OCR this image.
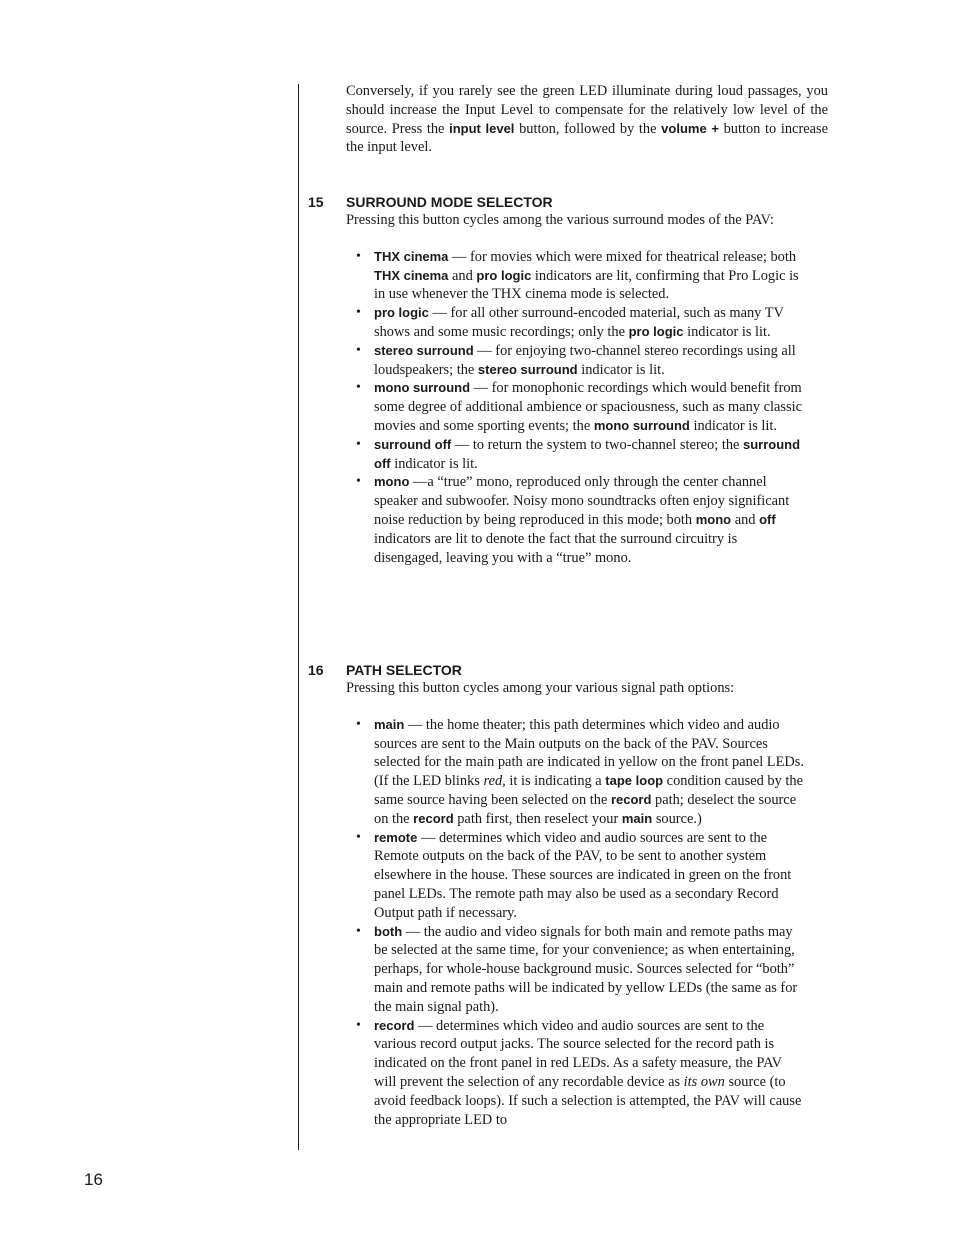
Conversely, if you rarely see the green LED illuminate during loud passages, you should increase the Input Level to compensate for the relatively low level of the source. Press the input level button, followed by the volume + button to increase the input level.

15	SURROUND MODE SELECTOR
Pressing this button cycles among the various surround modes of the PAV:
• THX cinema — for movies which were mixed for theatrical release; both THX cinema and pro logic indicators are lit, confirming that Pro Logic is in use whenever the THX cinema mode is selected.
• pro logic — for all other surround-encoded material, such as many TV shows and some music recordings; only the pro logic indicator is lit.
• stereo surround — for enjoying two-channel stereo recordings using all loudspeakers; the stereo surround indicator is lit.
• mono surround — for monophonic recordings which would benefit from some degree of additional ambience or spaciousness, such as many classic movies and some sporting events; the mono surround indicator is lit.
• surround off — to return the system to two-channel stereo; the surround off indicator is lit.
• mono —a “true” mono, reproduced only through the center channel speaker and subwoofer. Noisy mono soundtracks often enjoy significant noise reduction by being reproduced in this mode; both mono and off indicators are lit to denote the fact that the surround circuitry is disengaged, leaving you with a “true” mono.
16	PATH SELECTOR
Pressing this button cycles among your various signal path options:
• main — the home theater; this path determines which video and audio sources are sent to the Main outputs on the back of the PAV. Sources selected for the main path are indicated in yellow on the front panel LEDs. (If the LED blinks red, it is indicating a tape loop condition caused by the same source having been selected on the record path; deselect the source on the record path first, then reselect your main source.)
• remote — determines which video and audio sources are sent to the Remote outputs on the back of the PAV, to be sent to another system elsewhere in the house. These sources are indicated in green on the front panel LEDs. The remote path may also be used as a secondary Record Output path if necessary.
• both — the audio and video signals for both main and remote paths may be selected at the same time, for your convenience; as when entertaining, perhaps, for whole-house background music. Sources selected for “both” main and remote paths will be indicated by yellow LEDs (the same as for the main signal path).
• record — determines which video and audio sources are sent to the various record output jacks. The source selected for the record path is indicated on the front panel in red LEDs. As a safety measure, the PAV will prevent the selection of any recordable device as its own source (to avoid feedback loops). If such a selection is attempted, the PAV will cause the appropriate LED to
16
